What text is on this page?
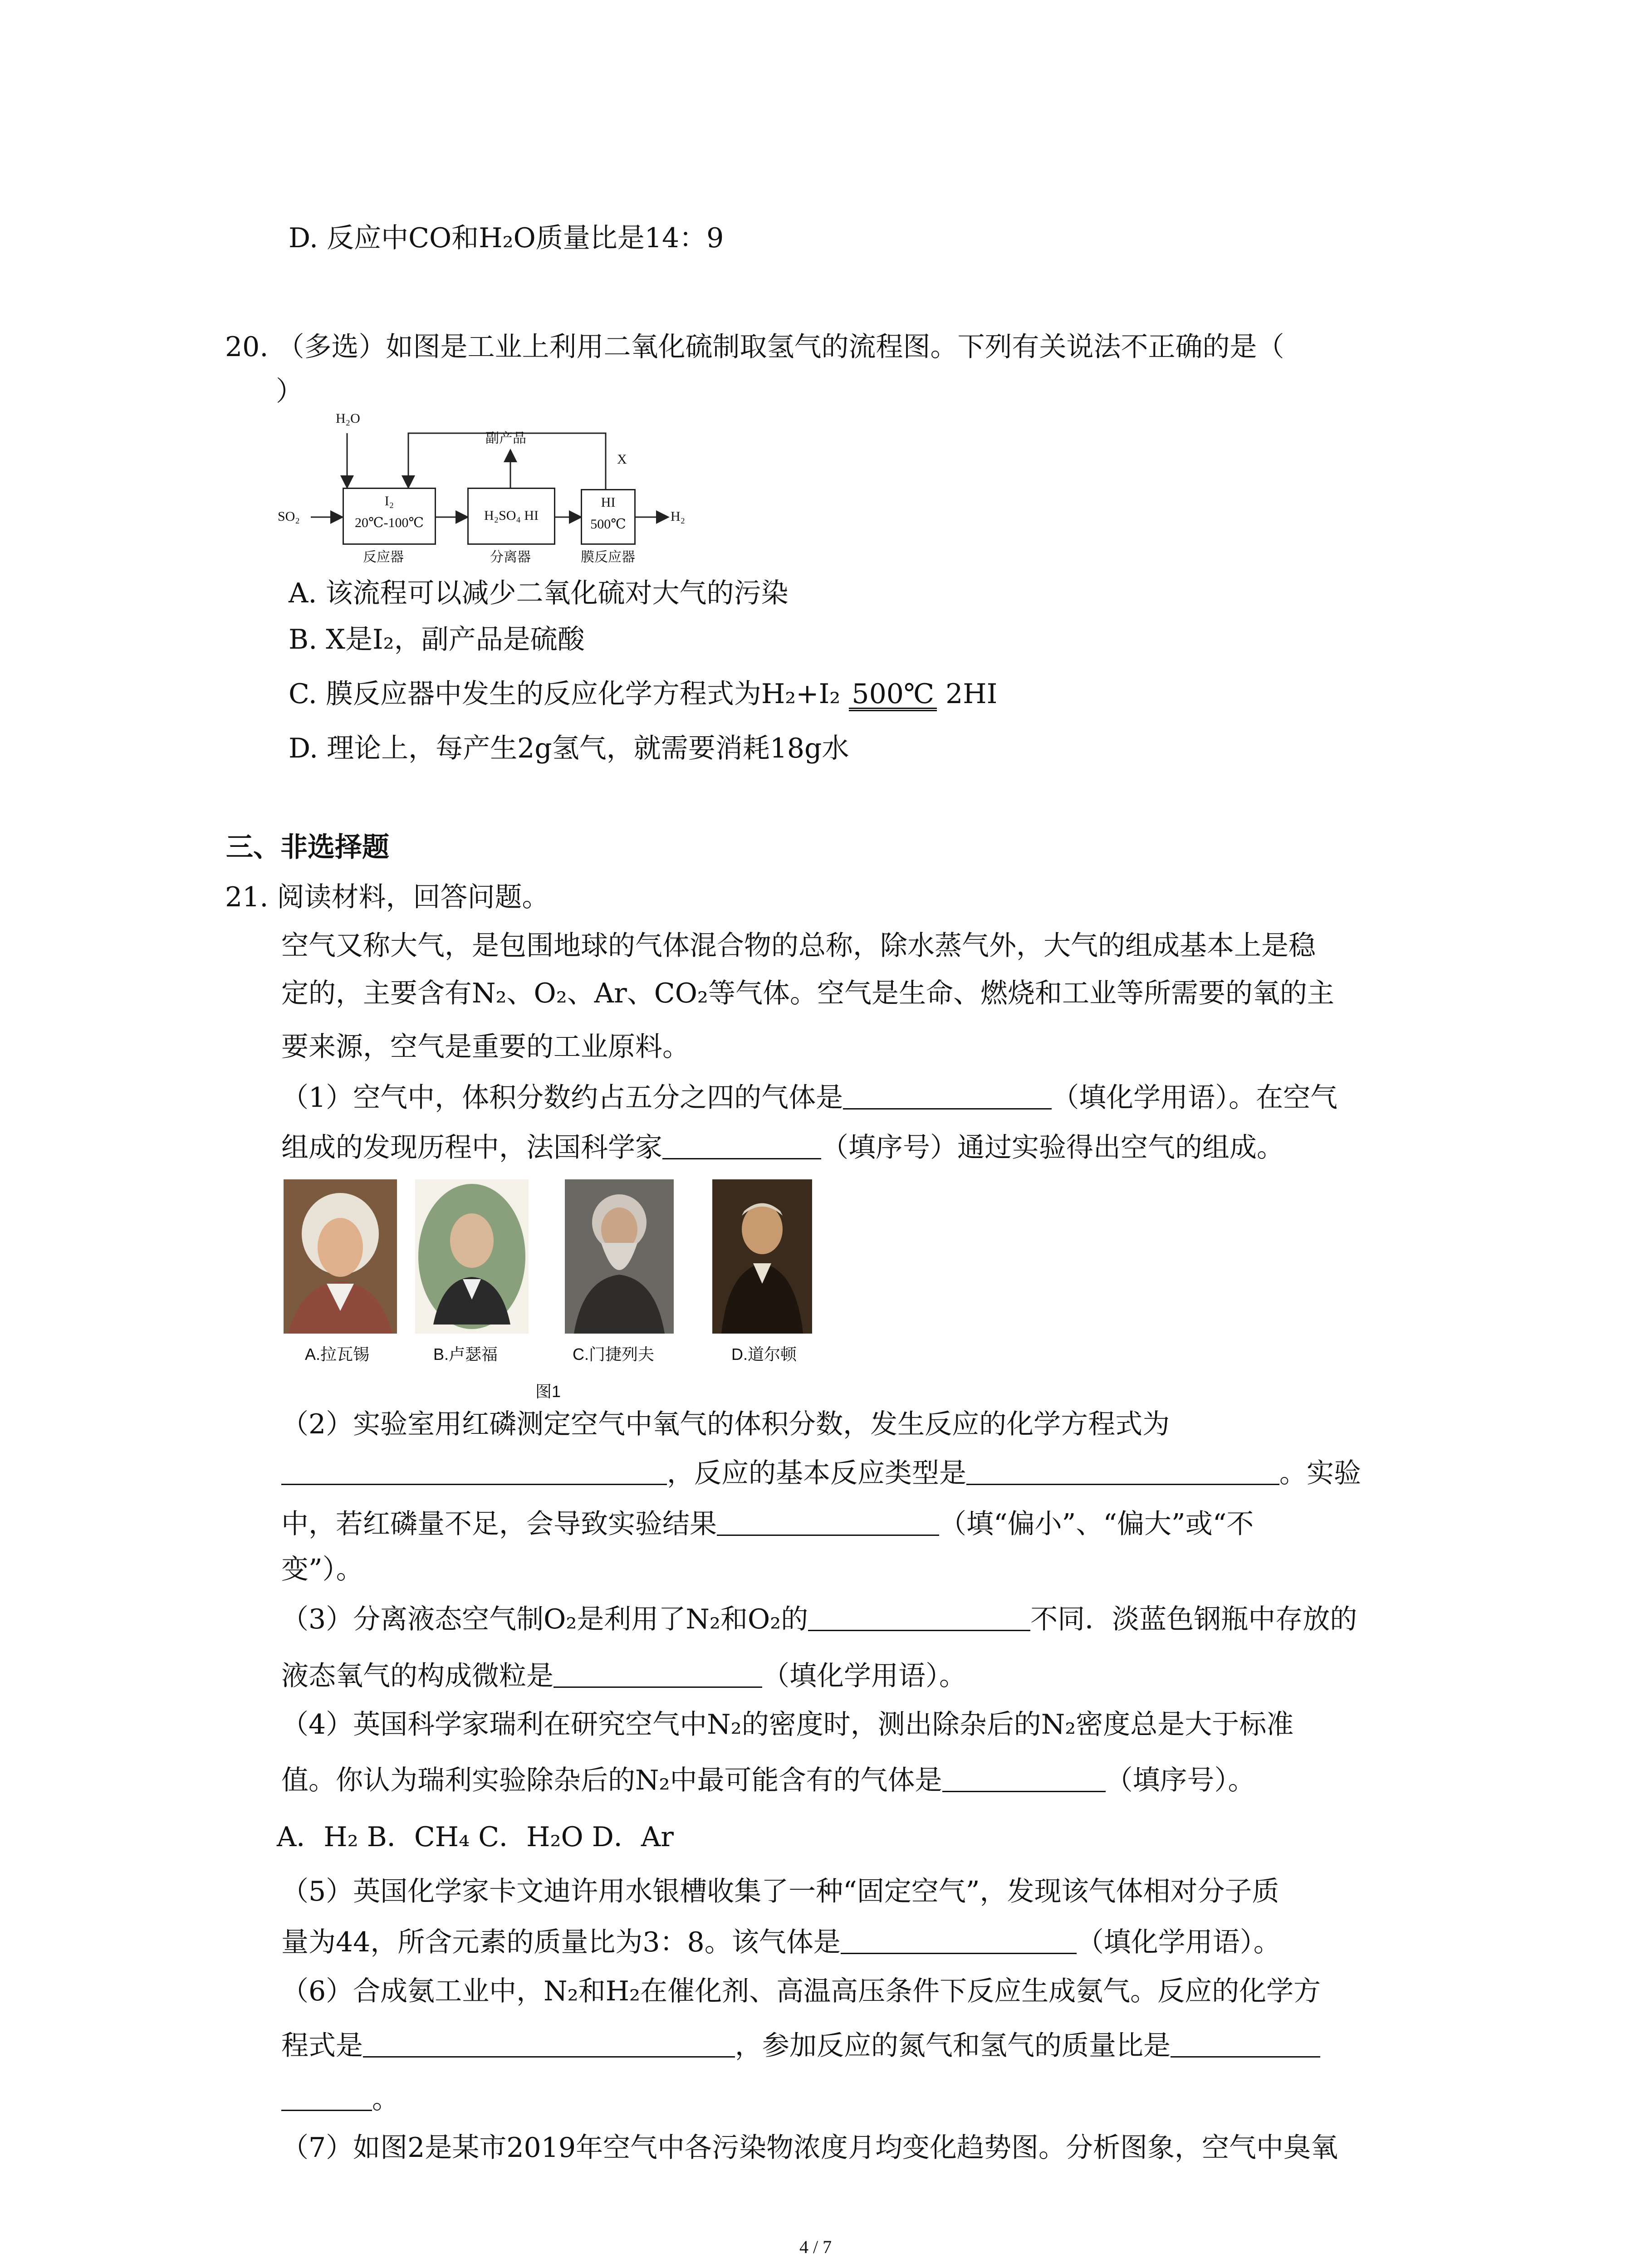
D. 反应中CO和H₂O质量比是14：9
20. （多选）如图是工业上利用二氧化硫制取氢气的流程图。下列有关说法不正确的是（
）
H₂O
副产品
X
SO₂	H₂
I₂
20℃-100℃	H₂SO₄ HI
HI
500℃
反应器	分离器	膜反应器
A. 该流程可以减少二氧化硫对大气的污染
B. X是I₂，副产品是硫酸
C. 膜反应器中发生的反应化学方程式为H₂+I₂ 500℃ 2HI
D. 理论上，每产生2g氢气，就需要消耗18g水
三、非选择题
21. 阅读材料，回答问题。
空气又称大气，是包围地球的气体混合物的总称，除水蒸气外，大气的组成基本上是稳
定的，主要含有N₂、O₂、Ar、CO₂等气体。空气是生命、燃烧和工业等所需要的氧的主
要来源，空气是重要的工业原料。
（1）空气中，体积分数约占五分之四的气体是	（填化学用语）。在空气
组成的发现历程中，法国科学家	（填序号）通过实验得出空气的组成。
A.拉瓦锡	B.卢瑟福	C.门捷列夫	D.道尔顿
图1
（2）实验室用红磷测定空气中氧气的体积分数，发生反应的化学方程式为
，反应的基本反应类型是	。实验
中，若红磷量不足，会导致实验结果	（填“偏小”、“偏大”或“不
变”）。
（3）分离液态空气制O₂是利用了N₂和O₂的	不同．淡蓝色钢瓶中存放的
液态氧气的构成微粒是	（填化学用语）。
（4）英国科学家瑞利在研究空气中N₂的密度时，测出除杂后的N₂密度总是大于标准
值。你认为瑞利实验除杂后的N₂中最可能含有的气体是	（填序号）。
A．H₂ B．CH₄ C．H₂O D．Ar
（5）英国化学家卡文迪许用水银槽收集了一种“固定空气”，发现该气体相对分子质
量为44，所含元素的质量比为3：8。该气体是	（填化学用语）。
（6）合成氨工业中，N₂和H₂在催化剂、高温高压条件下反应生成氨气。反应的化学方
程式是	，参加反应的氮气和氢气的质量比是
。
（7）如图2是某市2019年空气中各污染物浓度月均变化趋势图。分析图象，空气中臭氧
4 / 7
